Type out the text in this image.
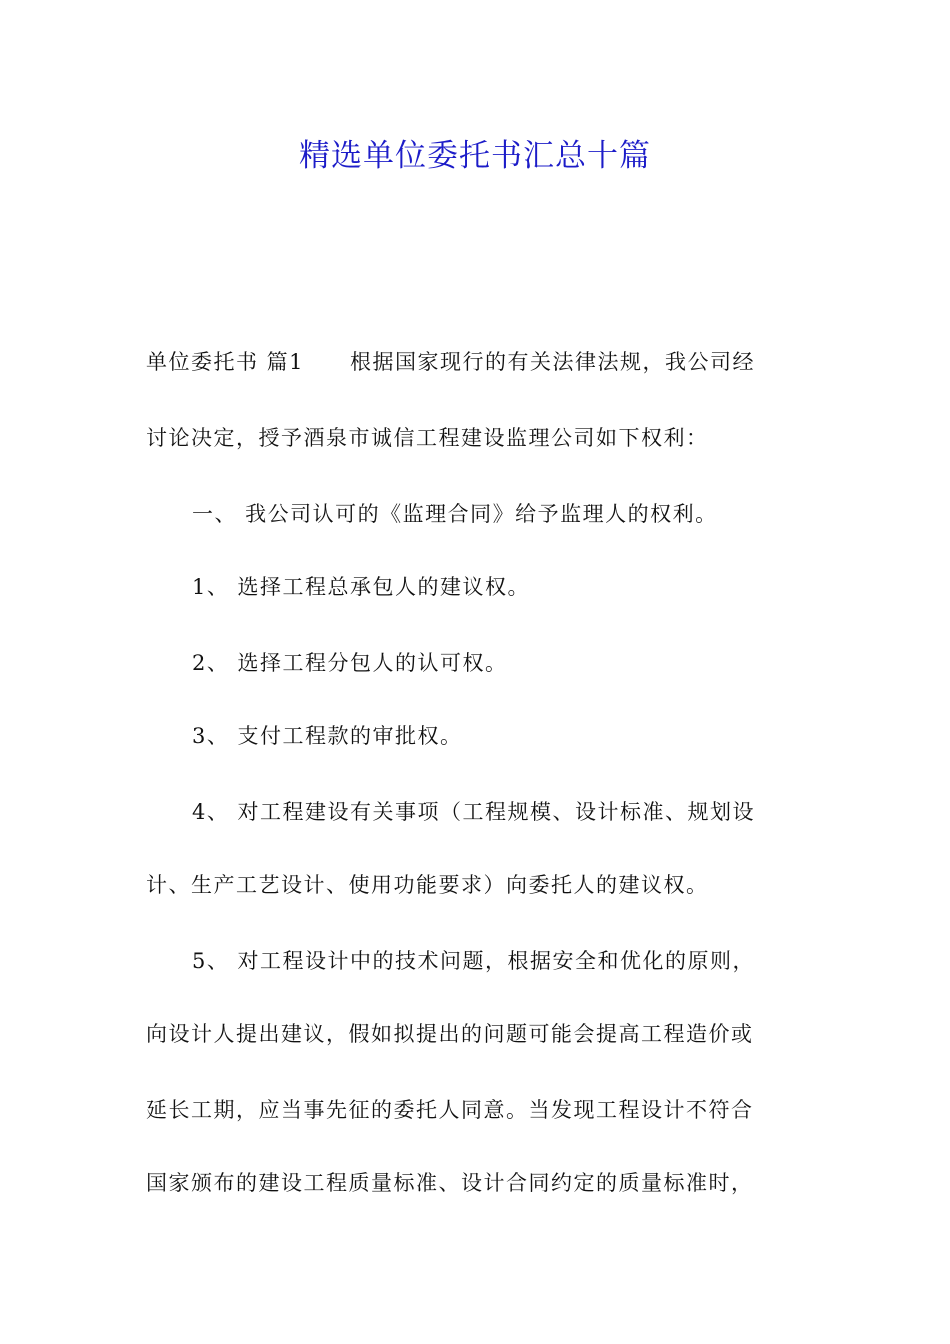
精选单位委托书汇总十篇

单位委托书 篇1 根据国家现行的有关法律法规，我公司经

讨论决定，授予酒泉市诚信工程建设监理公司如下权利：

一、 我公司认可的《监理合同》给予监理人的权利。

1、 选择工程总承包人的建议权。

2、 选择工程分包人的认可权。

3、 支付工程款的审批权。

4、 对工程建设有关事项（工程规模、设计标准、规划设

计、生产工艺设计、使用功能要求）向委托人的建议权。

5、 对工程设计中的技术问题，根据安全和优化的原则，

向设计人提出建议，假如拟提出的问题可能会提高工程造价或

延长工期，应当事先征的委托人同意。当发现工程设计不符合

国家颁布的建设工程质量标准、设计合同约定的质量标准时，
